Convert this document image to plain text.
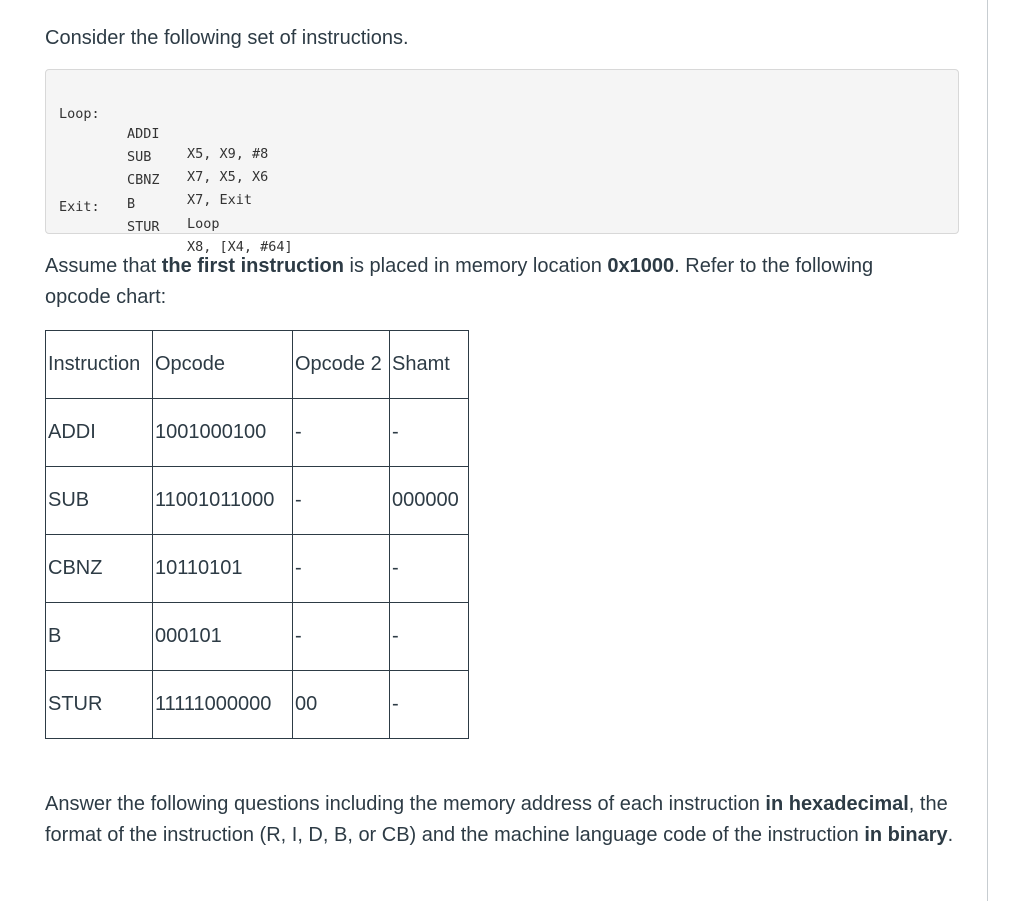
Consider the following set of instructions.

Loop:

ADDI

X5, X9, #8

SUB

X7, X5, X6

CBNZ

X7, Exit

B

Loop

Exit:

STUR

X8, [X4, #64]

Assume that the first instruction is placed in memory location 0x1000. Refer to the following opcode chart:

Instruction	Opcode	Opcode 2	Shamt
ADDI	1001000100	-	-
SUB	11001011000	-	000000
CBNZ	10110101	-	-
B	000101	-	-
STUR	11111000000	00	-

Answer the following questions including the memory address of each instruction in hexadecimal, the format of the instruction (R, I, D, B, or CB) and the machine language code of the instruction in binary.
